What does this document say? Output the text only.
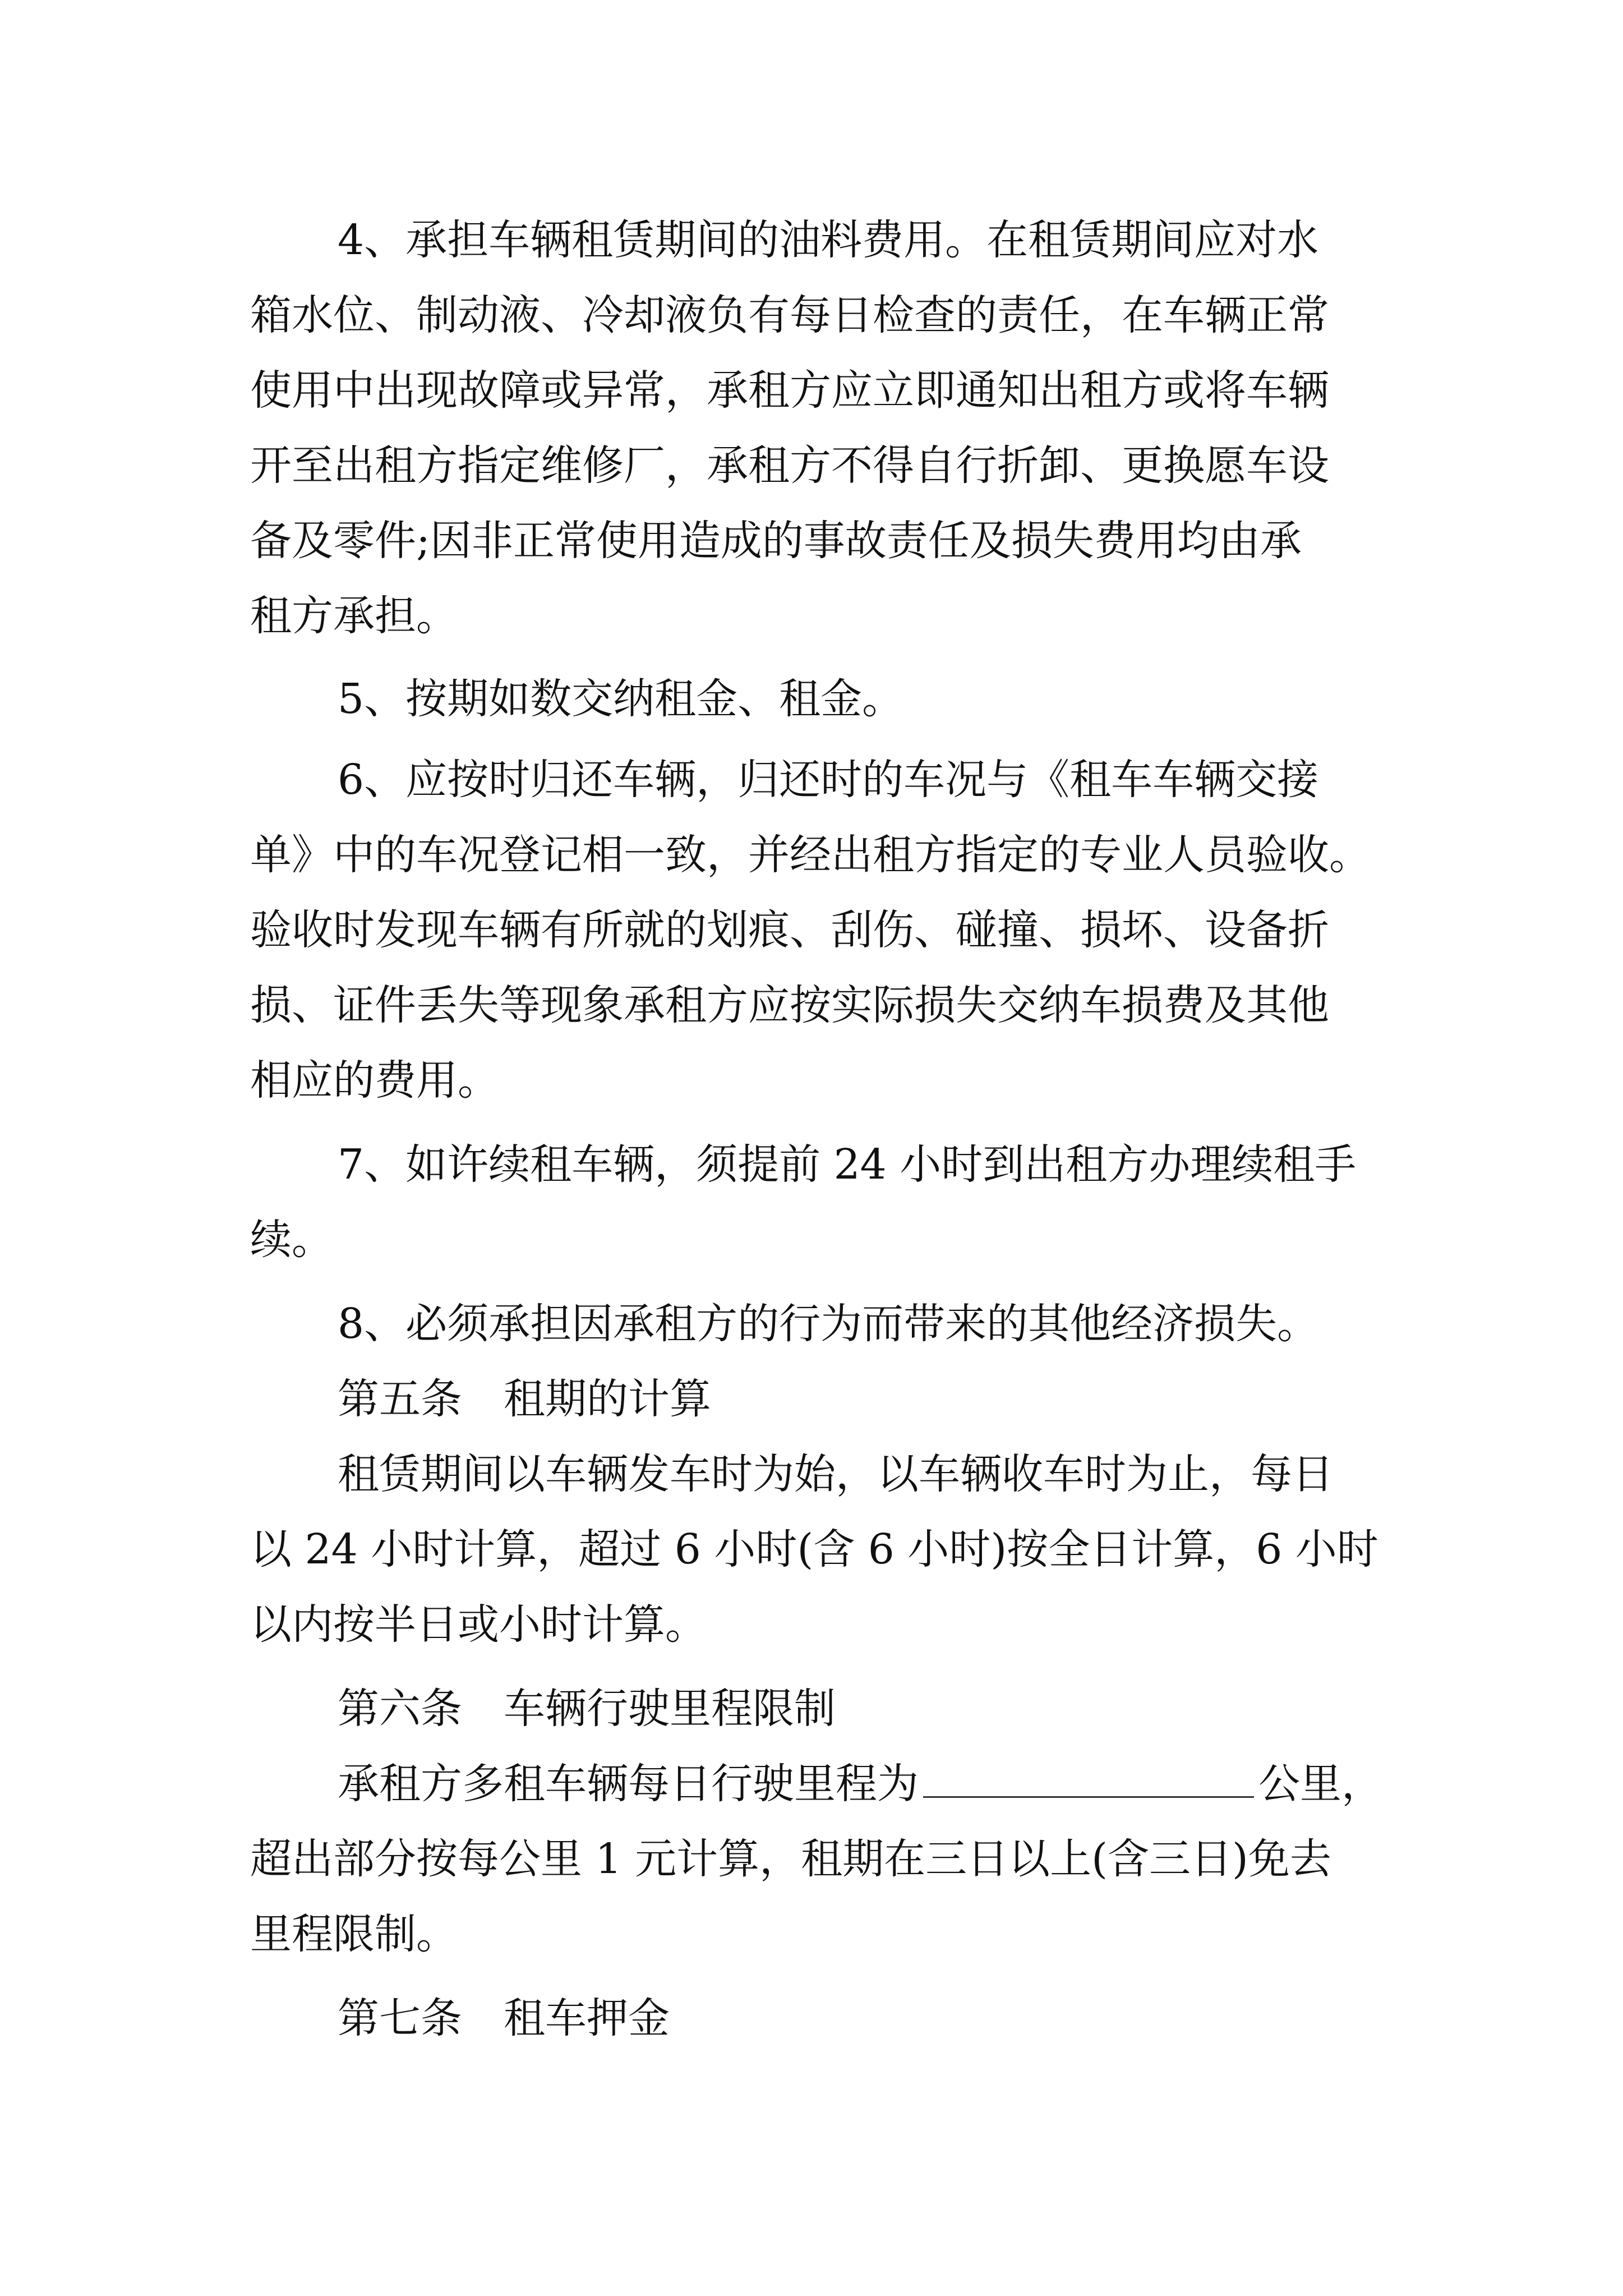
4、承担车辆租赁期间的油料费用。在租赁期间应对水
箱水位、制动液、冷却液负有每日检查的责任，在车辆正常
使用中出现故障或异常，承租方应立即通知出租方或将车辆
开至出租方指定维修厂，承租方不得自行折卸、更换愿车设
备及零件;因非正常使用造成的事故责任及损失费用均由承
租方承担。
5、按期如数交纳租金、租金。
6、应按时归还车辆，归还时的车况与《租车车辆交接
单》中的车况登记相一致，并经出租方指定的专业人员验收。
验收时发现车辆有所就的划痕、刮伤、碰撞、损坏、设备折
损、证件丢失等现象承租方应按实际损失交纳车损费及其他
相应的费用。
7、如许续租车辆，须提前 24 小时到出租方办理续租手
续。
8、必须承担因承租方的行为而带来的其他经济损失。
第五条　租期的计算
租赁期间以车辆发车时为始，以车辆收车时为止，每日
以 24 小时计算，超过 6 小时(含 6 小时)按全日计算，6 小时
以内按半日或小时计算。
第六条　车辆行驶里程限制
承租方多租车辆每日行驶里程为	公里，
超出部分按每公里 1 元计算，租期在三日以上(含三日)免去
里程限制。
第七条　租车押金
